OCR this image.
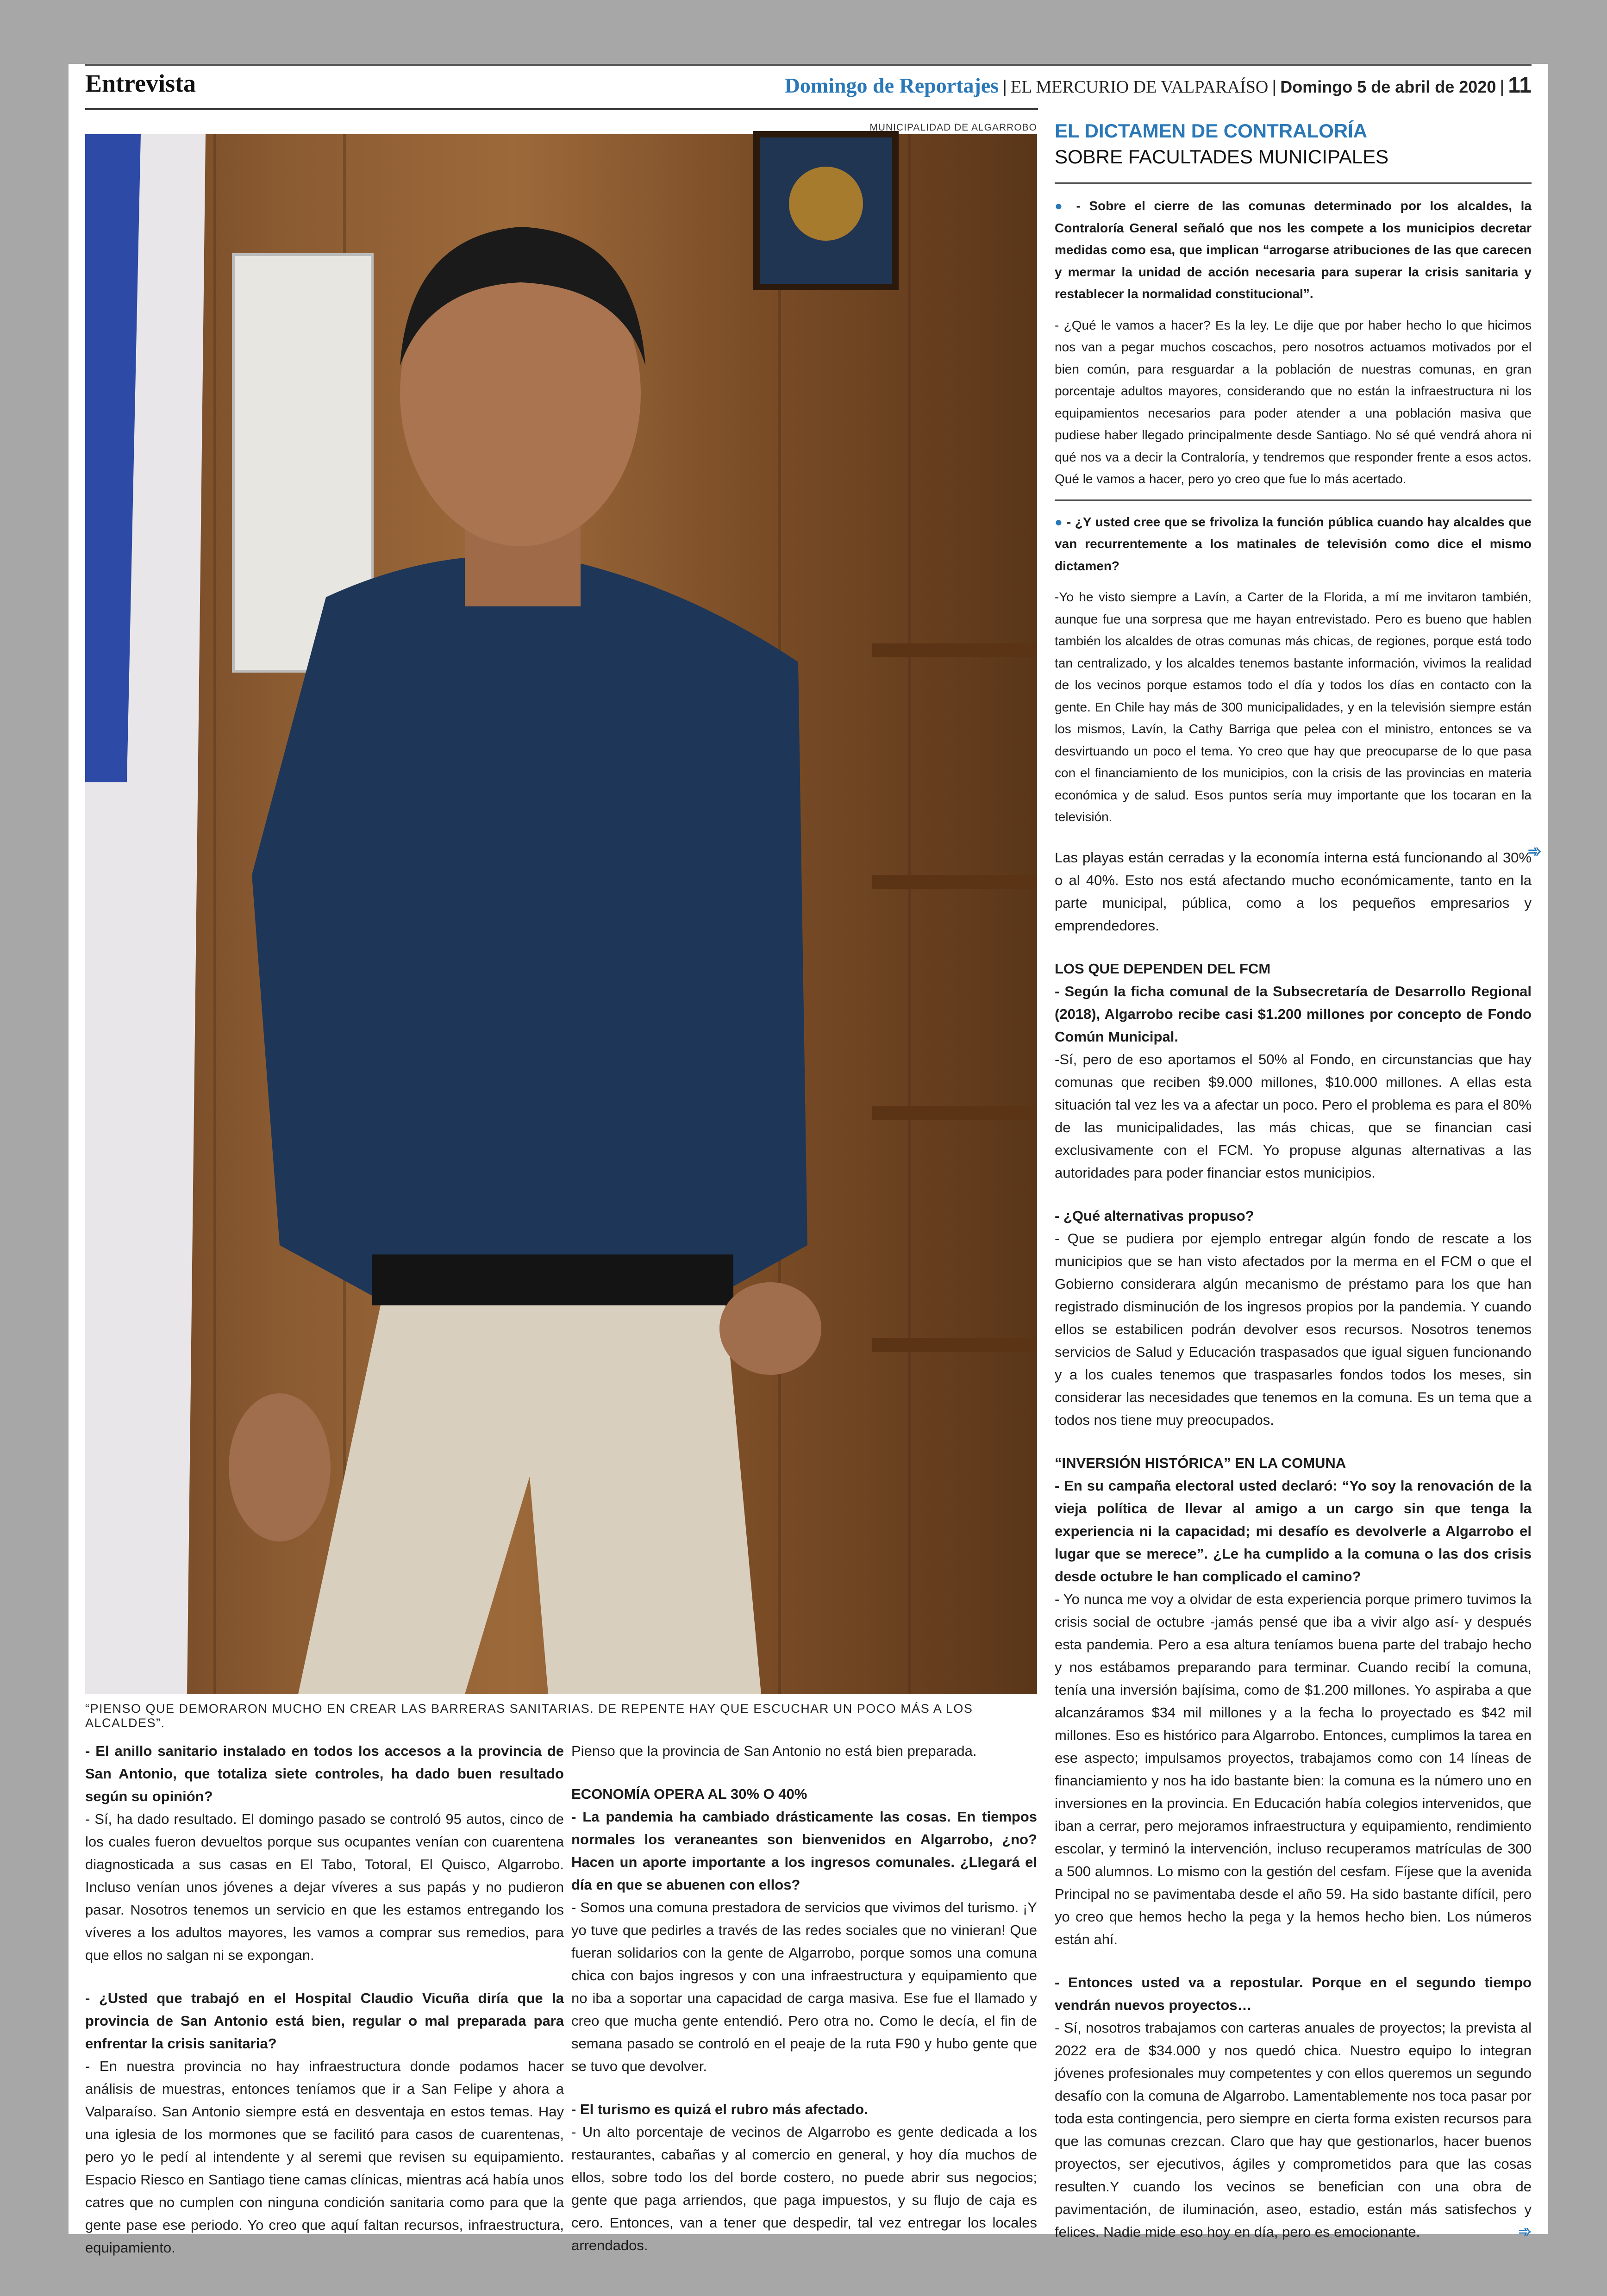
Entrevista	Domingo de Reportajes | EL MERCURIO DE VALPARAÍSO | Domingo 5 de abril de 2020 | 11
MUNICIPALIDAD DE ALGARROBO
“PIENSO QUE DEMORARON MUCHO EN CREAR LAS BARRERAS SANITARIAS. DE REPENTE HAY QUE ESCUCHAR UN POCO MÁS A LOS ALCALDES”.
EL DICTAMEN DE CONTRALORÍA
SOBRE FACULTADES MUNICIPALES

● - Sobre el cierre de las comunas determinado por los alcaldes, la Contraloría General señaló que nos les compete a los municipios decretar medidas como esa, que implican “arrogarse atribuciones de las que carecen y mermar la unidad de acción necesaria para superar la crisis sanitaria y restablecer la normalidad constitucional”.

- ¿Qué le vamos a hacer? Es la ley. Le dije que por haber hecho lo que hicimos nos van a pegar muchos coscachos, pero nosotros actuamos motivados por el bien común, para resguardar a la población de nuestras comunas, en gran porcentaje adultos mayores, considerando que no están la infraestructura ni los equipamientos necesarios para poder atender a una población masiva que pudiese haber llegado principalmente desde Santiago. No sé qué vendrá ahora ni qué nos va a decir la Contraloría, y tendremos que responder frente a esos actos. Qué le vamos a hacer, pero yo creo que fue lo más acertado.

● - ¿Y usted cree que se frivoliza la función pública cuando hay alcaldes que van recurrentemente a los matinales de televisión como dice el mismo dictamen?

-Yo he visto siempre a Lavín, a Carter de la Florida, a mí me invitaron también, aunque fue una sorpresa que me hayan entrevistado. Pero es bueno que hablen también los alcaldes de otras comunas más chicas, de regiones, porque está todo tan centralizado, y los alcaldes tenemos bastante información, vivimos la realidad de los vecinos porque estamos todo el día y todos los días en contacto con la gente. En Chile hay más de 300 municipalidades, y en la televisión siempre están los mismos, Lavín, la Cathy Barriga que pelea con el ministro, entonces se va desvirtuando un poco el tema. Yo creo que hay que preocuparse de lo que pasa con el financiamiento de los municipios, con la crisis de las provincias en materia económica y de salud. Esos puntos sería muy importante que los tocaran en la televisión.

➾

- El anillo sanitario instalado en todos los accesos a la provincia de San Antonio, que totaliza siete controles, ha dado buen resultado según su opinión?

- Sí, ha dado resultado. El domingo pasado se controló 95 autos, cinco de los cuales fueron devueltos porque sus ocupantes venían con cuarentena diagnosticada a sus casas en El Tabo, Totoral, El Quisco, Algarrobo. Incluso venían unos jóvenes a dejar víveres a sus papás y no pudieron pasar. Nosotros tenemos un servicio en que les estamos entregando los víveres a los adultos mayores, les vamos a comprar sus remedios, para que ellos no salgan ni se expongan.

- ¿Usted que trabajó en el Hospital Claudio Vicuña diría que la provincia de San Antonio está bien, regular o mal preparada para enfrentar la crisis sanitaria?

- En nuestra provincia no hay infraestructura donde podamos hacer análisis de muestras, entonces teníamos que ir a San Felipe y ahora a Valparaíso. San Antonio siempre está en desventaja en estos temas. Hay una iglesia de los mormones que se facilitó para casos de cuarentenas, pero yo le pedí al intendente y al seremi que revisen su equipamiento. Espacio Riesco en Santiago tiene camas clínicas, mientras acá había unos catres que no cumplen con ninguna condición sanitaria como para que la gente pase ese periodo. Yo creo que aquí faltan recursos, infraestructura, equipamiento.

Pienso que la provincia de San Antonio no está bien preparada.

ECONOMÍA OPERA AL 30% O 40%

- La pandemia ha cambiado drásticamente las cosas. En tiempos normales los veraneantes son bienvenidos en Algarrobo, ¿no? Hacen un aporte importante a los ingresos comunales. ¿Llegará el día en que se abuenen con ellos?

- Somos una comuna prestadora de servicios que vivimos del turismo. ¡Y yo tuve que pedirles a través de las redes sociales que no vinieran! Que fueran solidarios con la gente de Algarrobo, porque somos una comuna chica con bajos ingresos y con una infraestructura y equipamiento que no iba a soportar una capacidad de carga masiva. Ese fue el llamado y creo que mucha gente entendió. Pero otra no. Como le decía, el fin de semana pasado se controló en el peaje de la ruta F90 y hubo gente que se tuvo que devolver.

- El turismo es quizá el rubro más afectado.

- Un alto porcentaje de vecinos de Algarrobo es gente dedicada a los restaurantes, cabañas y al comercio en general, y hoy día muchos de ellos, sobre todo los del borde costero, no puede abrir sus negocios; gente que paga arriendos, que paga impuestos, y su flujo de caja es cero. Entonces, van a tener que despedir, tal vez entregar los locales arrendados.

Las playas están cerradas y la economía interna está funcionando al 30% o al 40%. Esto nos está afectando mucho económicamente, tanto en la parte municipal, pública, como a los pequeños empresarios y emprendedores.

LOS QUE DEPENDEN DEL FCM

- Según la ficha comunal de la Subsecretaría de Desarrollo Regional (2018), Algarrobo recibe casi $1.200 millones por concepto de Fondo Común Municipal.

-Sí, pero de eso aportamos el 50% al Fondo, en circunstancias que hay comunas que reciben $9.000 millones, $10.000 millones. A ellas esta situación tal vez les va a afectar un poco. Pero el problema es para el 80% de las municipalidades, las más chicas, que se financian casi exclusivamente con el FCM. Yo propuse algunas alternativas a las autoridades para poder financiar estos municipios.

- ¿Qué alternativas propuso?

- Que se pudiera por ejemplo entregar algún fondo de rescate a los municipios que se han visto afectados por la merma en el FCM o que el Gobierno considerara algún mecanismo de préstamo para los que han registrado disminución de los ingresos propios por la pandemia. Y cuando ellos se estabilicen podrán devolver esos recursos. Nosotros tenemos servicios de Salud y Educación traspasados que igual siguen funcionando y a los cuales tenemos que traspasarles fondos todos los meses, sin considerar las necesidades que tenemos en la comuna. Es un tema que a todos nos tiene muy preocupados.

“INVERSIÓN HISTÓRICA” EN LA COMUNA

- En su campaña electoral usted declaró: “Yo soy la renovación de la vieja política de llevar al amigo a un cargo sin que tenga la experiencia ni la capacidad; mi desafío es devolverle a Algarrobo el lugar que se merece”. ¿Le ha cumplido a la comuna o las dos crisis desde octubre le han complicado el camino?

- Yo nunca me voy a olvidar de esta experiencia porque primero tuvimos la crisis social de octubre -jamás pensé que iba a vivir algo así- y después esta pandemia. Pero a esa altura teníamos buena parte del trabajo hecho y nos estábamos preparando para terminar. Cuando recibí la comuna, tenía una inversión bajísima, como de $1.200 millones. Yo aspiraba a que alcanzáramos $34 mil millones y a la fecha lo proyectado es $42 mil millones. Eso es histórico para Algarrobo. Entonces, cumplimos la tarea en ese aspecto; impulsamos proyectos, trabajamos como con 14 líneas de financiamiento y nos ha ido bastante bien: la comuna es la número uno en inversiones en la provincia. En Educación había colegios intervenidos, que iban a cerrar, pero mejoramos infraestructura y equipamiento, rendimiento escolar, y terminó la intervención, incluso recuperamos matrículas de 300 a 500 alumnos. Lo mismo con la gestión del cesfam. Fíjese que la avenida Principal no se pavimentaba desde el año 59. Ha sido bastante difícil, pero yo creo que hemos hecho la pega y la hemos hecho bien. Los números están ahí.

- Entonces usted va a repostular. Porque en el segundo tiempo vendrán nuevos proyectos…

- Sí, nosotros trabajamos con carteras anuales de proyectos; la prevista al 2022 era de $34.000 y nos quedó chica. Nuestro equipo lo integran jóvenes profesionales muy competentes y con ellos queremos un segundo desafío con la comuna de Algarrobo. Lamentablemente nos toca pasar por toda esta contingencia, pero siempre en cierta forma existen recursos para que las comunas crezcan. Claro que hay que gestionarlos, hacer buenos proyectos, ser ejecutivos, ágiles y comprometidos para que las cosas resulten.Y cuando los vecinos se benefician con una obra de pavimentación, de iluminación, aseo, estadio, están más satisfechos y felices. Nadie mide eso hoy en día, pero es emocionante.	➾
